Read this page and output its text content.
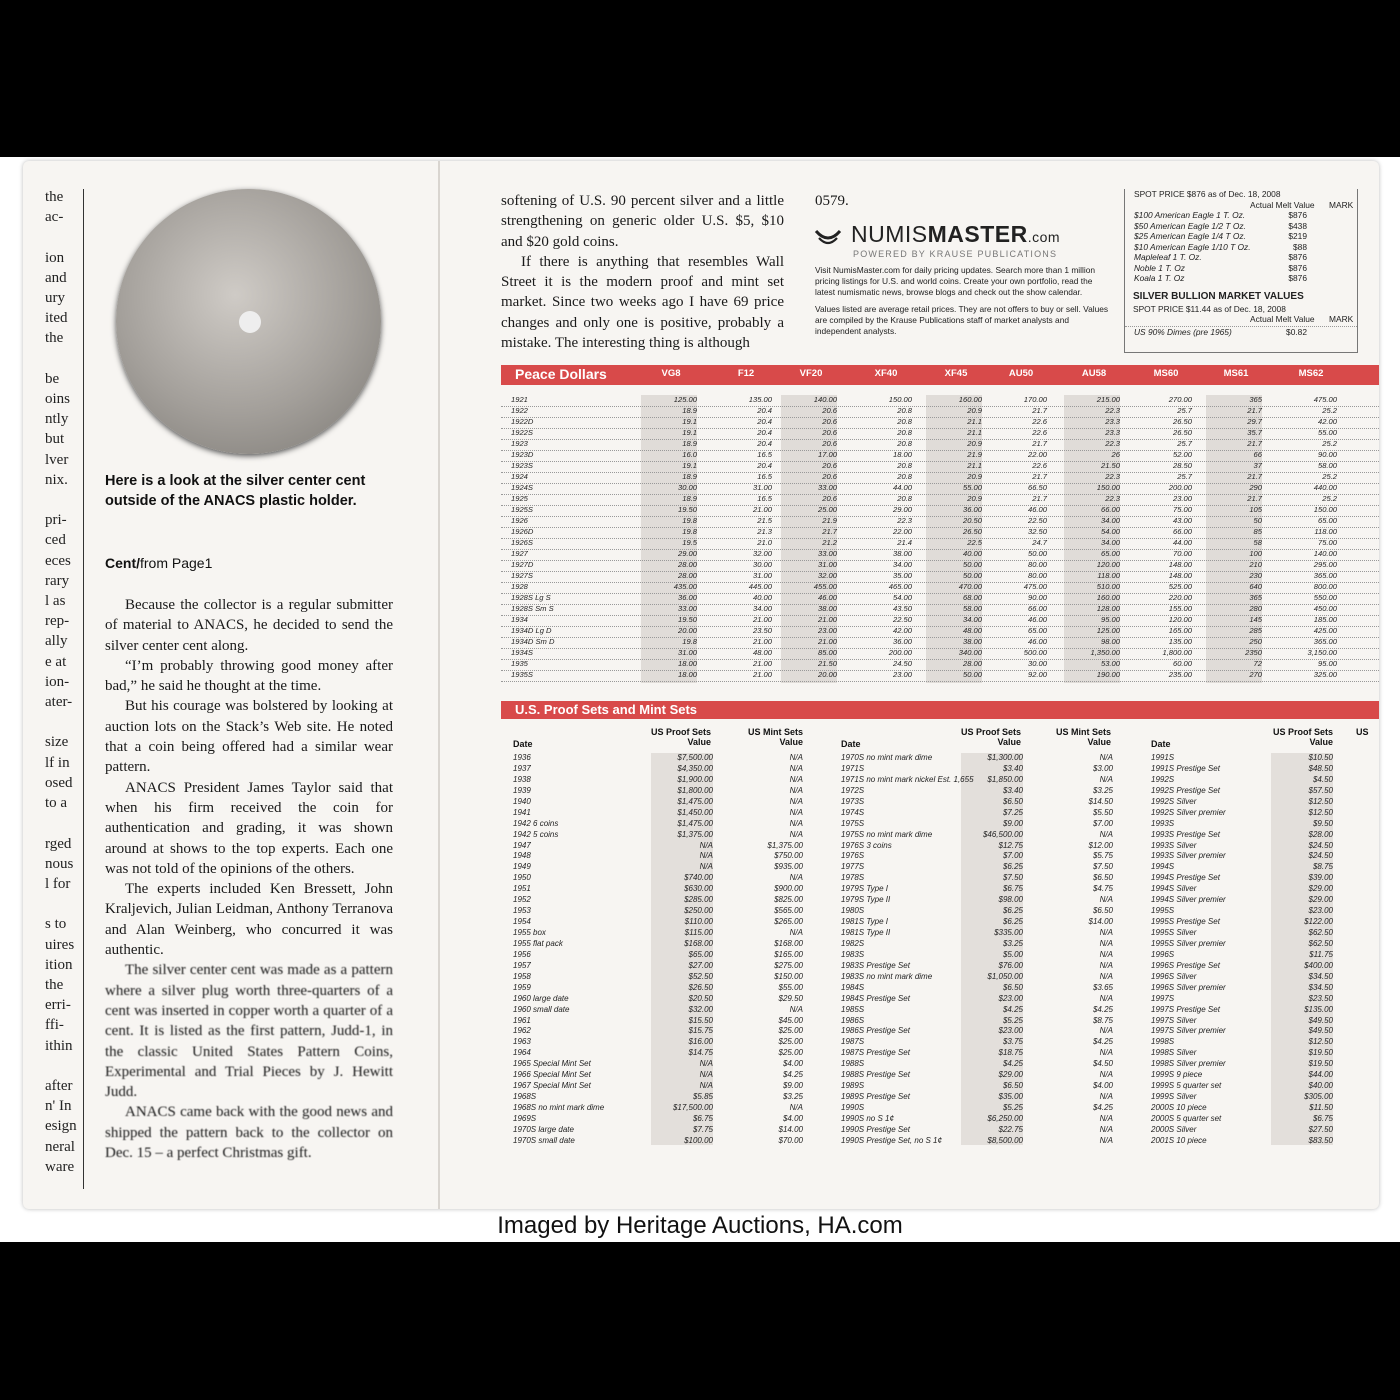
the
ac-

ion
and
ury
ited
the

be
oins
ntly
but
lver
nix.

pri-
ced
eces
rary
l as
rep-
ally
e at
ion-
ater-

size
lf in
osed
to a

rged
nous
l for

s to
uires
ition
the
erri-
ffi-
ithin

after
n' In
esign
neral
ware
Here is a look at the silver center cent outside of the ANACS plastic holder.
Cent/from Page1

Because the collector is a regular submitter of material to ANACS, he decided to send the silver center cent along.

“I’m probably throwing good money after bad,” he said he thought at the time.

But his courage was bolstered by looking at auction lots on the Stack’s Web site. He noted that a coin being offered had a similar wear pattern.

ANACS President James Taylor said that when his firm received the coin for authentication and grading, it was shown around at shows to the top experts. Each one was not told of the opinions of the others.

The experts included Ken Bressett, John Kraljevich, Julian Leidman, Anthony Terranova and Alan Weinberg, who concurred it was authentic.

The silver center cent was made as a pattern where a silver plug worth three-quarters of a cent was inserted in copper worth a quarter of a cent. It is listed as the first pattern, Judd-1, in the classic United States Pattern Coins, Experimental and Trial Pieces by J. Hewitt Judd.

ANACS came back with the good news and shipped the pattern back to the collector on Dec. 15 – a perfect Christmas gift.

softening of U.S. 90 percent silver and a little strengthening on generic older U.S. $5, $10 and $20 gold coins.

If there is anything that resembles Wall Street it is the modern proof and mint set market. Since two weeks ago I have 69 price changes and only one is positive, probably a mistake. The interesting thing is although

0579.
NUMISMASTER.com
POWERED BY KRAUSE PUBLICATIONS

Visit NumisMaster.com for daily pricing updates. Search more than 1 million pricing listings for U.S. and world coins. Create your own portfolio, read the latest numismatic news, browse blogs and check out the show calendar.

Values listed are average retail prices. They are not offers to buy or sell. Values are compiled by the Krause Publications staff of market analysts and independent analysts.

SPOT PRICE $876 as of Dec. 18, 2008
Actual Melt Value MARK
$100 American Eagle 1 T. Oz.	$876
$50 American Eagle 1/2 T Oz.	$438
$25 American Eagle 1/4 T Oz.	$219
$10 American Eagle 1/10 T Oz.	$88
Mapleleaf 1 T. Oz.	$876
Noble 1 T. Oz	$876
Koala 1 T. Oz	$876
SILVER BULLION MARKET VALUES
SPOT PRICE $11.44 as of Dec. 18, 2008
Actual Melt Value MARK
US 90% Dimes (pre 1965)	$0.82
Peace Dollars	VG8	F12	VF20	XF40	XF45	AU50	AU58	MS60	MS61	MS62
1921	125.00	135.00	140.00	150.00	160.00	170.00	215.00	270.00	365	475.00
1922	18.9	20.4	20.6	20.8	20.9	21.7	22.3	25.7	21.7	25.2
1922D	19.1	20.4	20.6	20.8	21.1	22.6	23.3	26.50	29.7	42.00
1922S	19.1	20.4	20.6	20.8	21.1	22.6	23.3	26.50	35.7	55.00
1923	18.9	20.4	20.6	20.8	20.9	21.7	22.3	25.7	21.7	25.2
1923D	16.0	16.5	17.00	18.00	21.9	22.00	26	52.00	66	90.00
1923S	19.1	20.4	20.6	20.8	21.1	22.6	21.50	28.50	37	58.00
1924	18.9	16.5	20.6	20.8	20.9	21.7	22.3	25.7	21.7	25.2
1924S	30.00	31.00	33.00	44.00	55.00	66.50	150.00	200.00	290	440.00
1925	18.9	16.5	20.6	20.8	20.9	21.7	22.3	23.00	21.7	25.2
1925S	19.50	21.00	25.00	29.00	36.00	46.00	66.00	75.00	105	150.00
1926	19.8	21.5	21.9	22.3	20.50	22.50	34.00	43.00	50	65.00
1926D	19.8	21.3	21.7	22.00	26.50	32.50	54.00	66.00	85	118.00
1926S	19.5	21.0	21.2	21.4	22.5	24.7	34.00	44.00	58	75.00
1927	29.00	32.00	33.00	38.00	40.00	50.00	65.00	70.00	100	140.00
1927D	28.00	30.00	31.00	34.00	50.00	80.00	120.00	148.00	210	295.00
1927S	28.00	31.00	32.00	35.00	50.00	80.00	118.00	148.00	230	365.00
1928	435.00	445.00	455.00	465.00	470.00	475.00	510.00	525.00	640	800.00
1928S Lg S	36.00	40.00	46.00	54.00	68.00	90.00	160.00	220.00	365	550.00
1928S Sm S	33.00	34.00	38.00	43.50	58.00	66.00	128.00	155.00	280	450.00
1934	19.50	21.00	21.00	22.50	34.00	46.00	95.00	120.00	145	185.00
1934D Lg D	20.00	23.50	23.00	42.00	48.00	65.00	125.00	165.00	285	425.00
1934D Sm D	19.8	21.00	21.00	36.00	38.00	46.00	98.00	135.00	250	365.00
1934S	31.00	48.00	85.00	200.00	340.00	500.00	1,350.00	1,800.00	2350	3,150.00
1935	18.00	21.00	21.50	24.50	28.00	30.00	53.00	60.00	72	95.00
1935S	18.00	21.00	20.00	23.00	50.00	92.00	190.00	235.00	270	325.00
U.S. Proof Sets and Mint Sets
Date
US Proof Sets
Value
US Mint Sets
Value	Date
US Proof Sets
Value
US Mint Sets
Value	Date
US Proof Sets
Value
US
1936	$7,500.00	N/A
1937	$4,350.00	N/A
1938	$1,900.00	N/A
1939	$1,800.00	N/A
1940	$1,475.00	N/A
1941	$1,450.00	N/A
1942 6 coins	$1,475.00	N/A
1942 5 coins	$1,375.00	N/A
1947	N/A	$1,375.00
1948	N/A	$750.00
1949	N/A	$935.00
1950	$740.00	N/A
1951	$630.00	$900.00
1952	$285.00	$825.00
1953	$250.00	$565.00
1954	$110.00	$265.00
1955 box	$115.00	N/A
1955 flat pack	$168.00	$168.00
1956	$65.00	$165.00
1957	$27.00	$275.00
1958	$52.50	$150.00
1959	$26.50	$55.00
1960 large date	$20.50	$29.50
1960 small date	$32.00	N/A
1961	$15.50	$45.00
1962	$15.75	$25.00
1963	$16.00	$25.00
1964	$14.75	$25.00
1965 Special Mint Set	N/A	$4.00
1966 Special Mint Set	N/A	$4.25
1967 Special Mint Set	N/A	$9.00
1968S	$5.85	$3.25
1968S no mint mark dime	$17,500.00	N/A
1969S	$6.75	$4.00
1970S large date	$7.75	$14.00
1970S small date	$100.00	$70.00
1970S no mint mark dime	$1,300.00	N/A
1971S	$3.40	$3.00
1971S no mint mark nickel Est. 1,655	$1,850.00	N/A
1972S	$3.40	$3.25
1973S	$6.50	$14.50
1974S	$7.25	$5.50
1975S	$9.00	$7.00
1975S no mint mark dime	$46,500.00	N/A
1976S 3 coins	$12.75	$12.00
1976S	$7.00	$5.75
1977S	$6.25	$7.50
1978S	$7.50	$6.50
1979S Type I	$6.75	$4.75
1979S Type II	$98.00	N/A
1980S	$6.25	$6.50
1981S Type I	$6.25	$14.00
1981S Type II	$335.00	N/A
1982S	$3.25	N/A
1983S	$5.00	N/A
1983S Prestige Set	$76.00	N/A
1983S no mint mark dime	$1,050.00	N/A
1984S	$6.50	$3.65
1984S Prestige Set	$23.00	N/A
1985S	$4.25	$4.25
1986S	$5.25	$8.75
1986S Prestige Set	$23.00	N/A
1987S	$3.75	$4.25
1987S Prestige Set	$18.75	N/A
1988S	$4.25	$4.50
1988S Prestige Set	$29.00	N/A
1989S	$6.50	$4.00
1989S Prestige Set	$35.00	N/A
1990S	$5.25	$4.25
1990S no S 1¢	$6,250.00	N/A
1990S Prestige Set	$22.75	N/A
1990S Prestige Set, no S 1¢	$8,500.00	N/A
1991S	$10.50
1991S Prestige Set	$48.50
1992S	$4.50
1992S Prestige Set	$57.50
1992S Silver	$12.50
1992S Silver premier	$12.50
1993S	$9.50
1993S Prestige Set	$28.00
1993S Silver	$24.50
1993S Silver premier	$24.50
1994S	$8.75
1994S Prestige Set	$39.00
1994S Silver	$29.00
1994S Silver premier	$29.00
1995S	$23.00
1995S Prestige Set	$122.00
1995S Silver	$62.50
1995S Silver premier	$62.50
1996S	$11.75
1996S Prestige Set	$400.00
1996S Silver	$34.50
1996S Silver premier	$34.50
1997S	$23.50
1997S Prestige Set	$135.00
1997S Silver	$49.50
1997S Silver premier	$49.50
1998S	$12.50
1998S Silver	$19.50
1998S Silver premier	$19.50
1999S 9 piece	$44.00
1999S 5 quarter set	$40.00
1999S Silver	$305.00
2000S 10 piece	$11.50
2000S 5 quarter set	$6.75
2000S Silver	$27.50
2001S 10 piece	$83.50
Imaged by Heritage Auctions, HA.com
